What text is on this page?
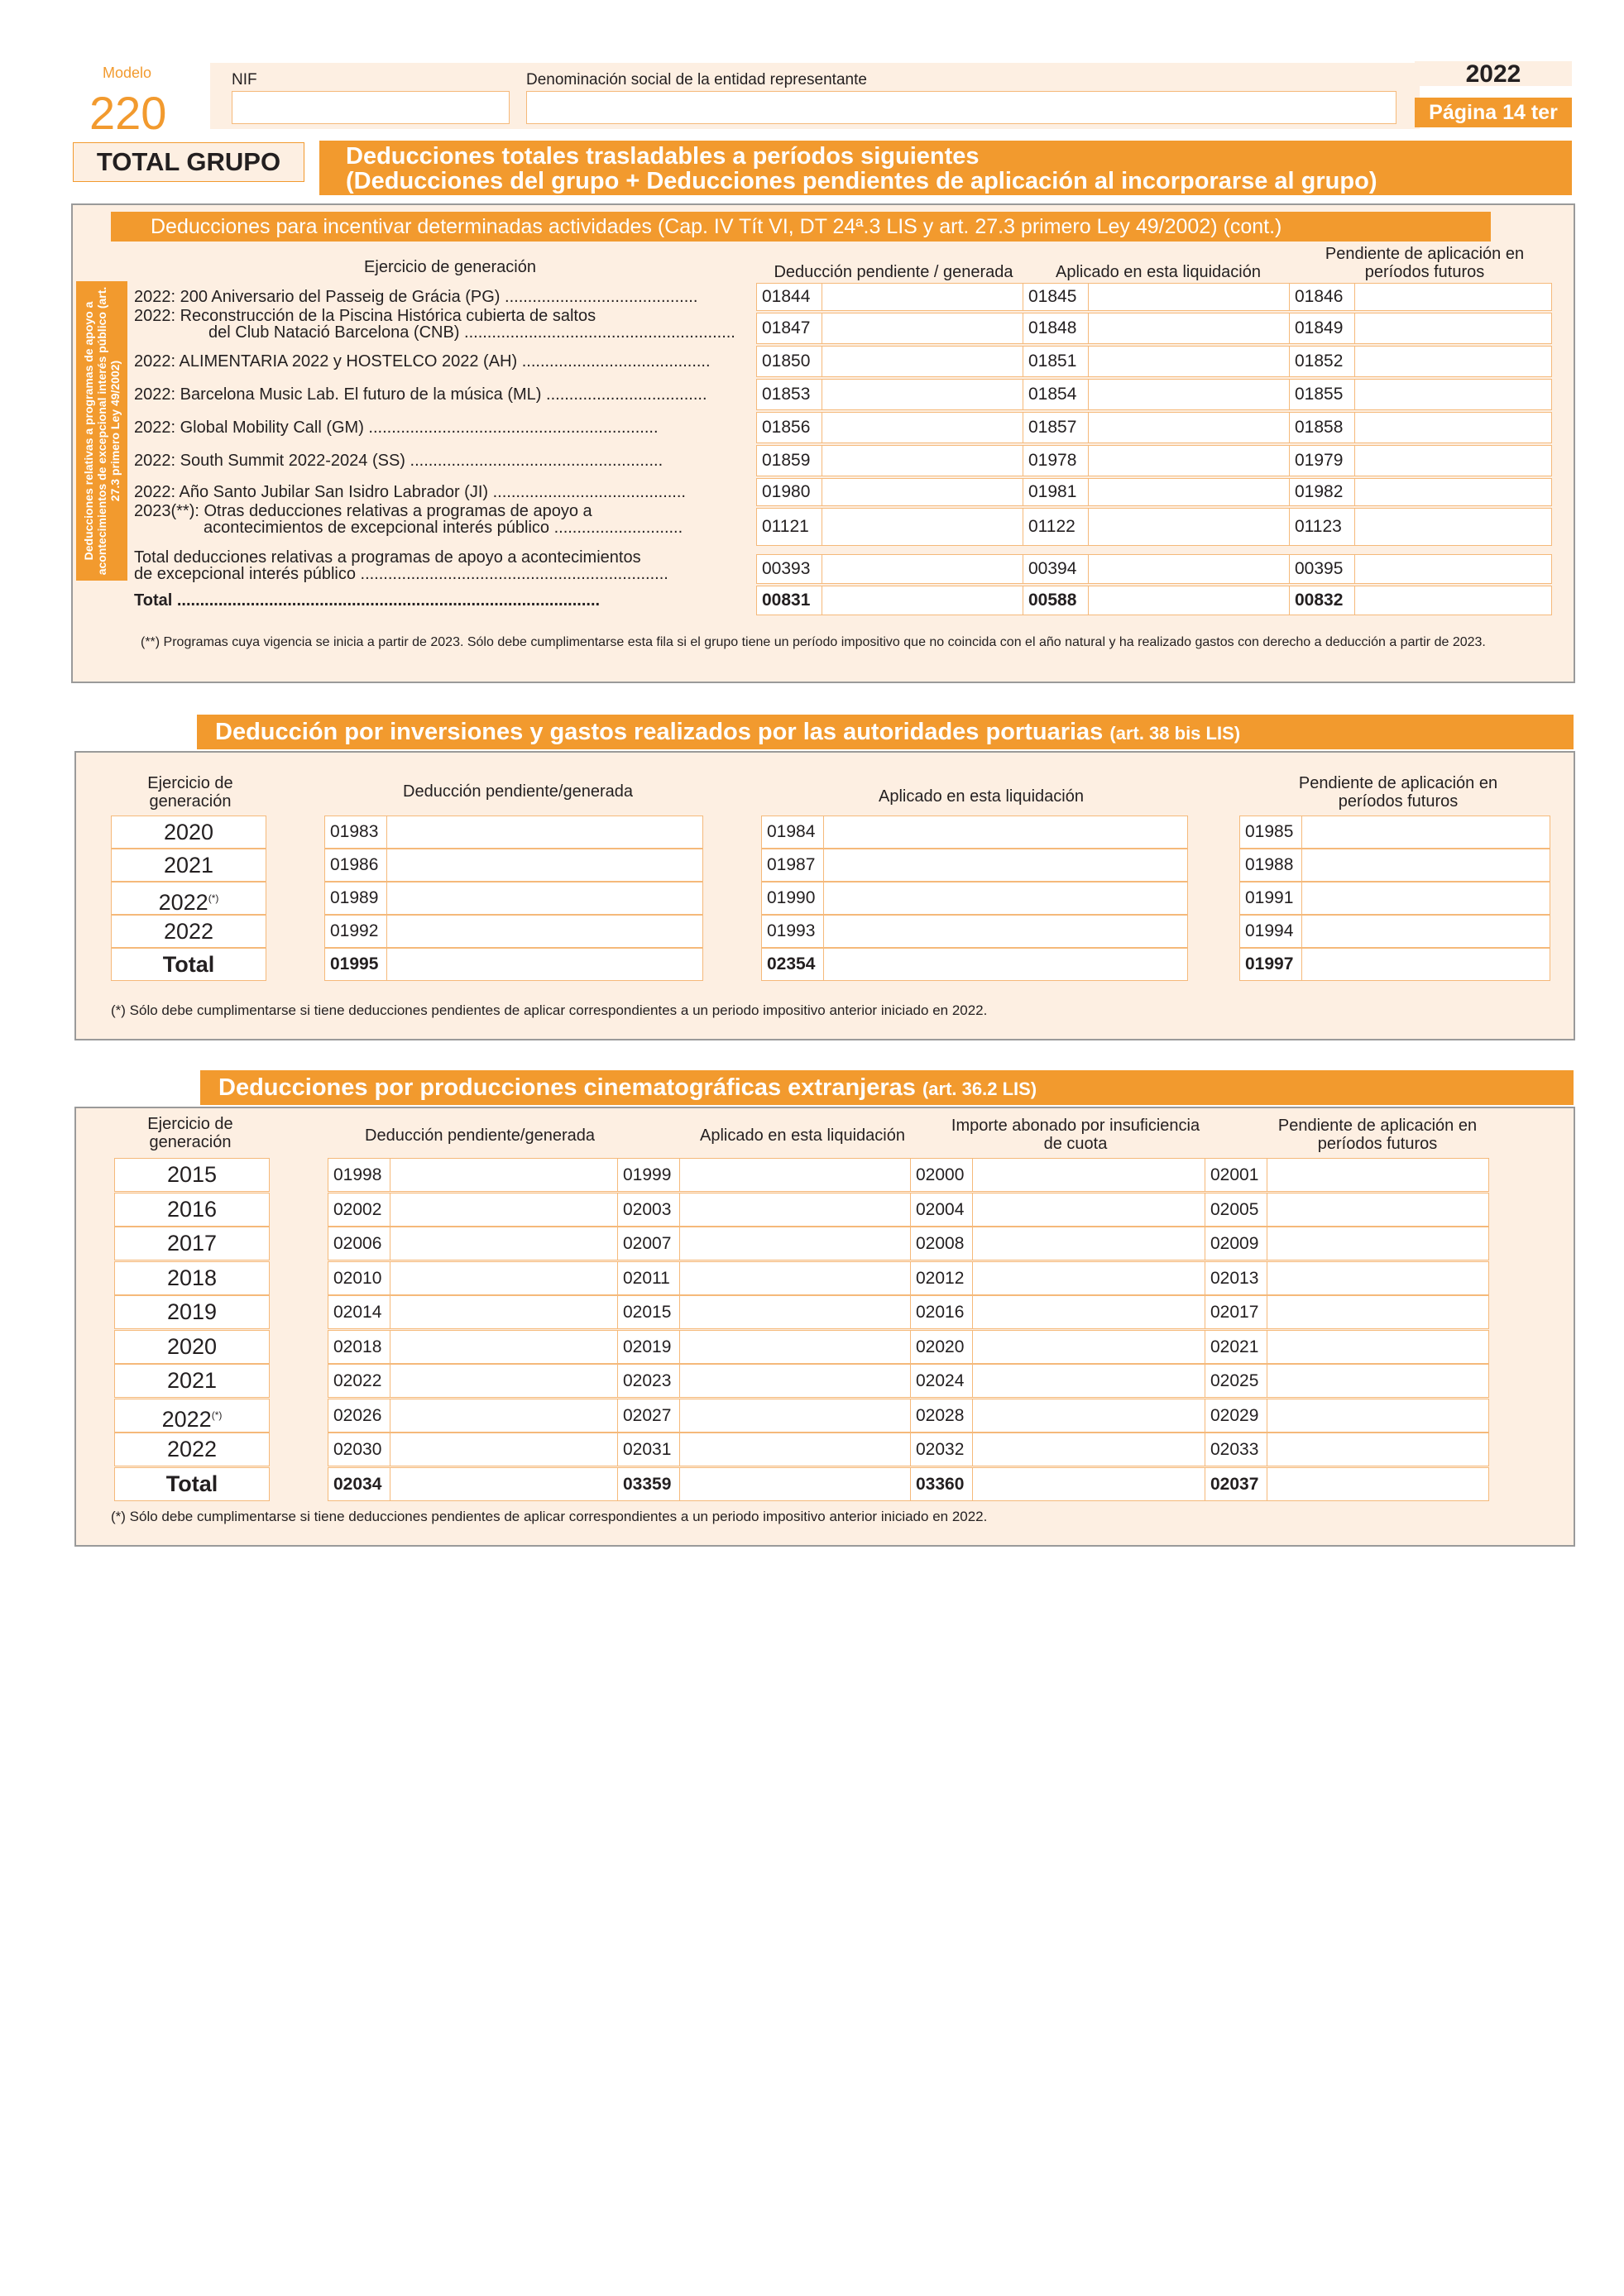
Modelo
220
NIF	Denominación social de la entidad representante	2022
Página 14 ter
TOTAL GRUPO	Deducciones totales trasladables a períodos siguientes
(Deducciones del grupo + Deducciones pendientes de aplicación al incorporarse al grupo)
Deducciones para incentivar determinadas actividades (Cap. IV Tít VI, DT 24ª.3 LIS y art. 27.3 primero Ley 49/2002) (cont.)
Deducciones relativas a programas de apoyo a acontecimientos de excepcional interés público (art. 27.3 primero Ley 49/2002)
Ejercicio de generación	Deducción pendiente / generada	Aplicado en esta liquidación
Pendiente de aplicación en períodos futuros
2022: 200 Aniversario del Passeig de Grácia (PG) ..........................................	01844	01845	01846
2022: Reconstrucción de la Piscina Histórica cubierta de saltos
del Club Natació Barcelona (CNB) ........................................................... 01847	01848	01849
2022: ALIMENTARIA 2022 y HOSTELCO 2022 (AH) .........................................	01850	01851	01852
2022: Barcelona Music Lab. El futuro de la música (ML) ...................................	01853	01854	01855
2022: Global Mobility Call (GM) ...............................................................	01856	01857	01858
2022: South Summit 2022-2024 (SS) .......................................................	01859	01978	01979
2022: Año Santo Jubilar San Isidro Labrador (JI) ..........................................	01980	01981	01982
2023(**): Otras deducciones relativas a programas de apoyo a
acontecimientos de excepcional interés público ............................	01121	01122	01123
Total deducciones relativas a programas de apoyo a acontecimientos
de excepcional interés público ...................................................................	00393	00394	00395
Total ............................................................................................	00831	00588	00832
(**) Programas cuya vigencia se inicia a partir de 2023. Sólo debe cumplimentarse esta fila si el grupo tiene un período impositivo que no coincida con el año natural y ha realizado gastos con derecho a deducción a partir de 2023.
Deducción por inversiones y gastos realizados por las autoridades portuarias (art. 38 bis LIS)
Ejercicio de generación
Deducción pendiente/generada	Aplicado en esta liquidación
Pendiente de aplicación en períodos futuros
2020	01983	01984	01985
2021	01986	01987	01988
2022(*)	01989	01990	01991
2022	01992	01993	01994
Total	01995	02354	01997
(*) Sólo debe cumplimentarse si tiene deducciones pendientes de aplicar correspondientes a un periodo impositivo anterior iniciado en 2022.
Deducciones por producciones cinematográficas extranjeras (art. 36.2 LIS)
Ejercicio de generación	Deducción pendiente/generada	Aplicado en esta liquidación
Importe abonado por insuficiencia de cuota
Pendiente de aplicación en períodos futuros
2015	01998	01999	02000	02001
2016	02002	02003	02004	02005
2017	02006	02007	02008	02009
2018	02010	02011	02012	02013
2019	02014	02015	02016	02017
2020	02018	02019	02020	02021
2021	02022	02023	02024	02025
2022(*)	02026	02027	02028	02029
2022	02030	02031	02032	02033
Total	02034	03359	03360	02037
(*) Sólo debe cumplimentarse si tiene deducciones pendientes de aplicar correspondientes a un periodo impositivo anterior iniciado en 2022.
